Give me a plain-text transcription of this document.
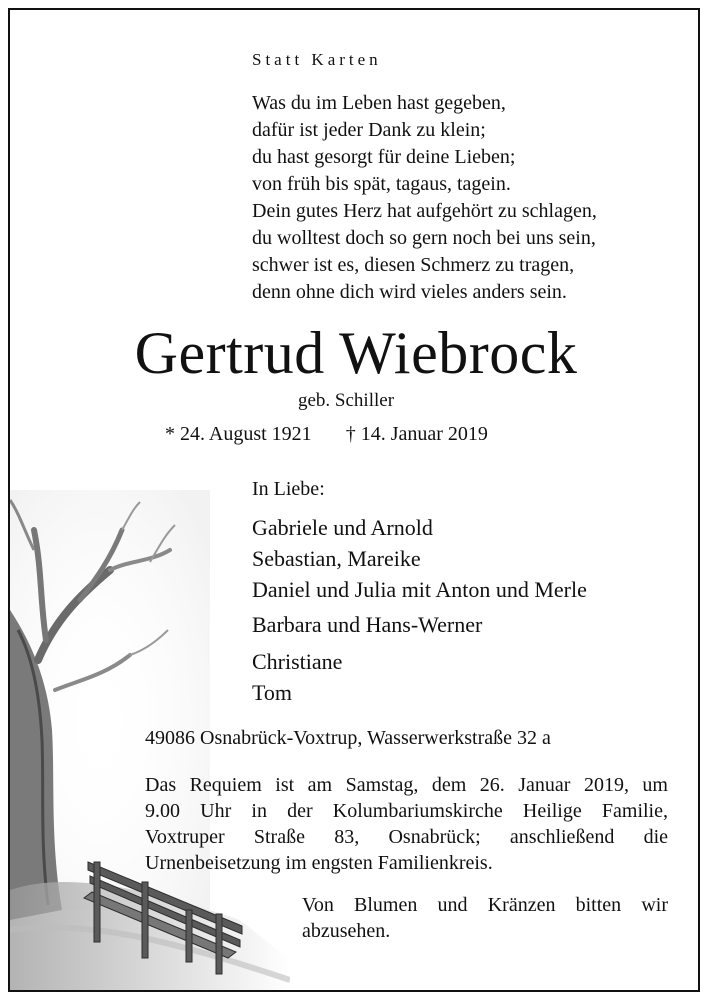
Statt Karten
Was du im Leben hast gegeben,
dafür ist jeder Dank zu klein;
du hast gesorgt für deine Lieben;
von früh bis spät, tagaus, tagein.
Dein gutes Herz hat aufgehört zu schlagen,
du wolltest doch so gern noch bei uns sein,
schwer ist es, diesen Schmerz zu tragen,
denn ohne dich wird vieles anders sein.
Gertrud Wiebrock
geb. Schiller
* 24. August 1921 † 14. Januar 2019
In Liebe:
Gabriele und Arnold
Sebastian, Mareike
Daniel und Julia mit Anton und Merle
Barbara und Hans-Werner
Christiane
Tom
49086 Osnabrück-Voxtrup, Wasserwerkstraße 32 a
Das Requiem ist am Samstag, dem 26. Januar 2019, um
9.00 Uhr in der Kolumbariumskirche Heilige Familie,
Voxtruper Straße 83, Osnabrück; anschließend die
Urnenbeisetzung im engsten Familienkreis.
Von Blumen und Kränzen bitten wir
abzusehen.
